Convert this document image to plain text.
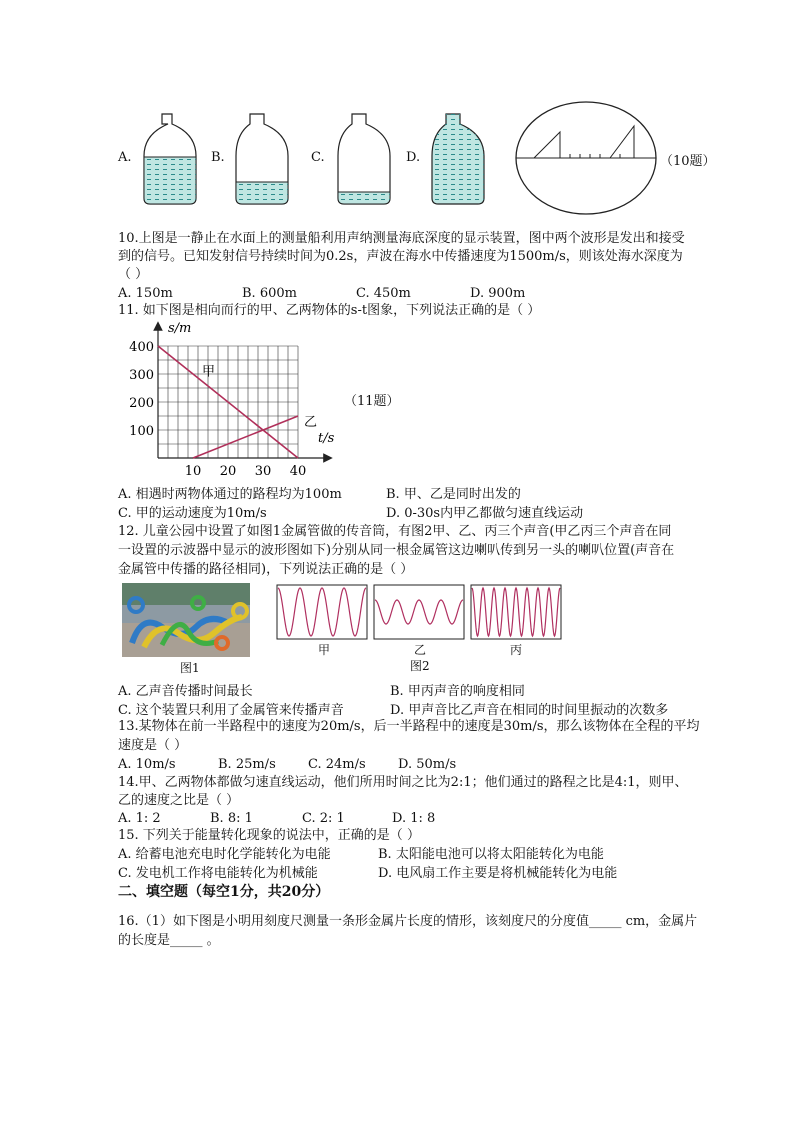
A.	B.	C.	D.	（10题）
10.上图是一静止在水面上的测量船利用声纳测量海底深度的显示装置，图中两个波形是发出和接受
到的信号。已知发射信号持续时间为0.2s，声波在海水中传播速度为1500m/s，则该处海水深度为
（ ）
A. 150m	B. 600m	C. 450m	D. 900m
11. 如下图是相向而行的甲、乙两物体的s-t图象，下列说法正确的是（ ）
甲
乙
10 20 30 40
100
200
300
400
s/m
t/s
（11题）
A. 相遇时两物体通过的路程均为100m	B. 甲、乙是同时出发的
C. 甲的运动速度为10m/s	D. 0-30s内甲乙都做匀速直线运动
12. 儿童公园中设置了如图1金属管做的传音筒，有图2甲、乙、丙三个声音(甲乙丙三个声音在同
一设置的示波器中显示的波形图如下)分别从同一根金属管这边喇叭传到另一头的喇叭位置(声音在
金属管中传播的路径相同)，下列说法正确的是（ ）
图1
甲	乙	丙
图2
A. 乙声音传播时间最长	B. 甲丙声音的响度相同
C. 这个装置只利用了金属管来传播声音	D. 甲声音比乙声音在相同的时间里振动的次数多
13.某物体在前一半路程中的速度为20m/s，后一半路程中的速度是30m/s，那么该物体在全程的平均
速度是（ ）
A. 10m/s	B. 25m/s C. 24m/s D. 50m/s
14.甲、乙两物体都做匀速直线运动，他们所用时间之比为2:1；他们通过的路程之比是4:1，则甲、
乙的速度之比是（ ）
A. 1: 2	B. 8: 1	C. 2: 1	D. 1: 8
15. 下列关于能量转化现象的说法中，正确的是（ ）
A. 给蓄电池充电时化学能转化为电能	B. 太阳能电池可以将太阳能转化为电能
C. 发电机工作将电能转化为机械能	D. 电风扇工作主要是将机械能转化为电能
二、填空题（每空1分，共20分）
16.（1）如下图是小明用刻度尺测量一条形金属片长度的情形，该刻度尺的分度值_____ cm，金属片
的长度是_____ 。
